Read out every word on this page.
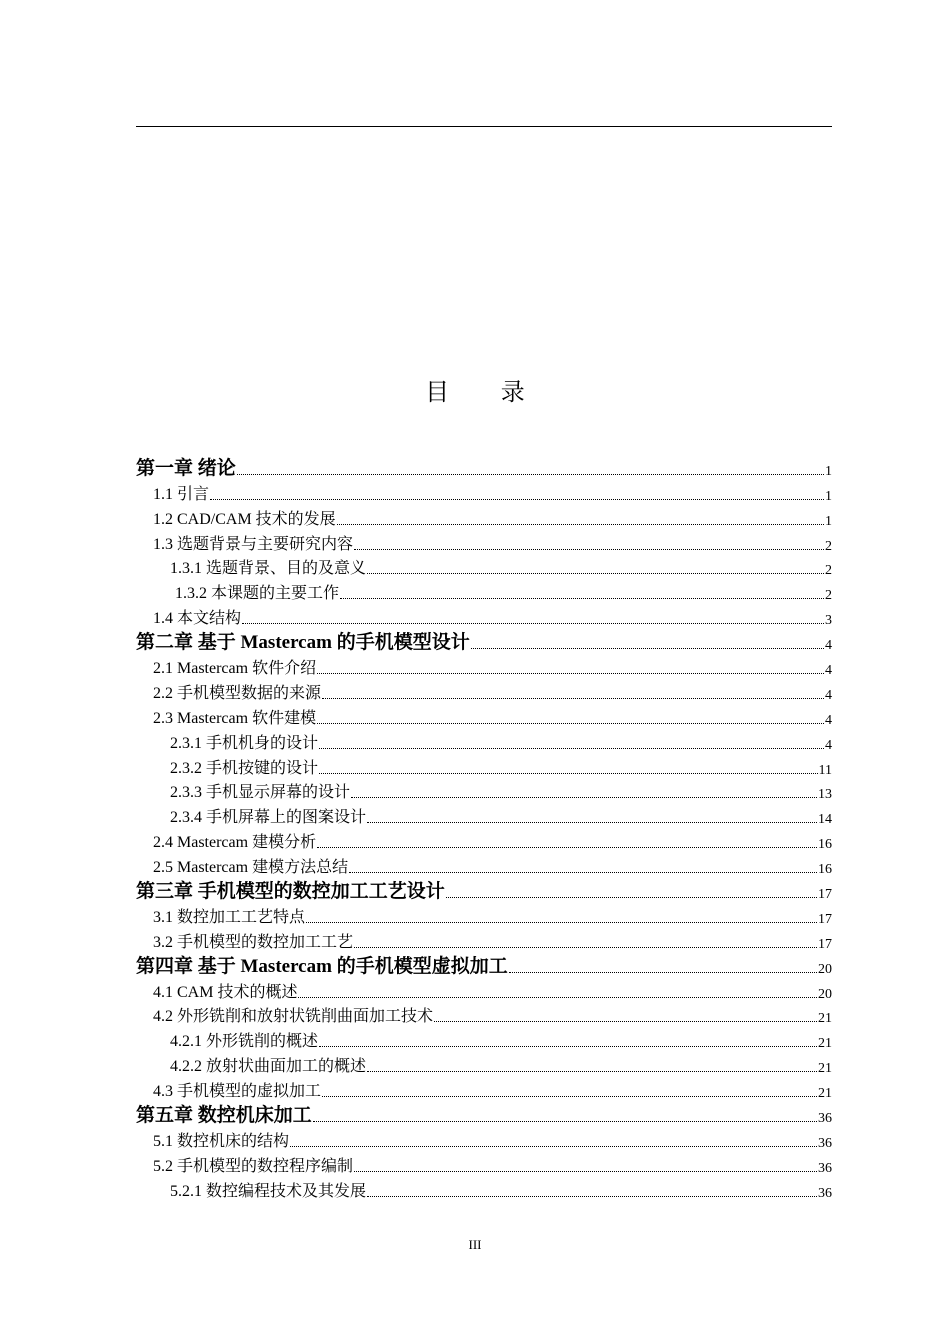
目 录
第一章 绪论	1
1.1 引言	1
1.2 CAD/CAM 技术的发展	1
1.3 选题背景与主要研究内容	2
1.3.1 选题背景、目的及意义	2
1.3.2 本课题的主要工作	2
1.4 本文结构	3
第二章 基于 Mastercam 的手机模型设计	4
2.1 Mastercam 软件介绍	4
2.2 手机模型数据的来源	4
2.3 Mastercam 软件建模	4
2.3.1 手机机身的设计	4
2.3.2 手机按键的设计	11
2.3.3 手机显示屏幕的设计	13
2.3.4 手机屏幕上的图案设计	14
2.4 Mastercam 建模分析	16
2.5 Mastercam 建模方法总结	16
第三章 手机模型的数控加工工艺设计	17
3.1 数控加工工艺特点	17
3.2 手机模型的数控加工工艺	17
第四章 基于 Mastercam 的手机模型虚拟加工	20
4.1 CAM 技术的概述	20
4.2 外形铣削和放射状铣削曲面加工技术	21
4.2.1 外形铣削的概述	21
4.2.2 放射状曲面加工的概述	21
4.3 手机模型的虚拟加工	21
第五章 数控机床加工	36
5.1 数控机床的结构	36
5.2 手机模型的数控程序编制	36
5.2.1 数控编程技术及其发展	36
III
